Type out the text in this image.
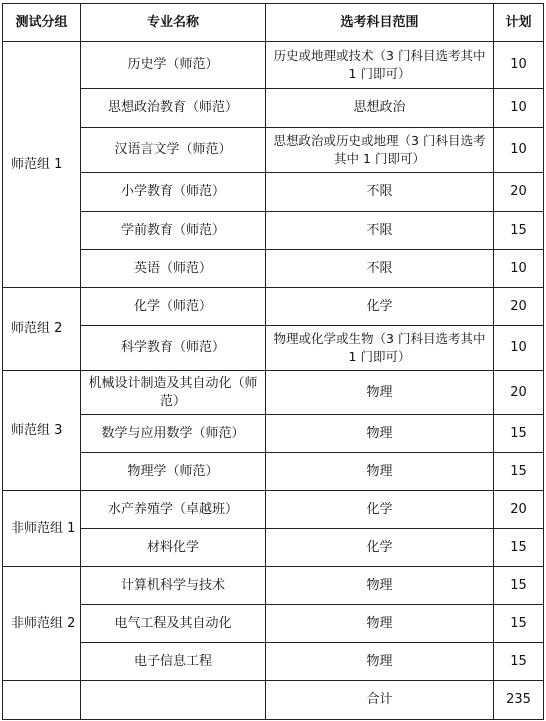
测试分组	专业名称	选考科目范围	计划
师范组 1	历史学（师范）	历史或地理或技术（3 门科目选考其中 1 门即可）	10
	思想政治教育（师范）	思想政治	10
	汉语言文学（师范）	思想政治或历史或地理（3 门科目选考其中 1 门即可）	10
	小学教育（师范）	不限	20
	学前教育（师范）	不限	15
	英语（师范）	不限	10
师范组 2	化学（师范）	化学	20
	科学教育（师范）	物理或化学或生物（3 门科目选考其中 1 门即可）	10
师范组 3	机械设计制造及其自动化（师范）	物理	20
	数学与应用数学（师范）	物理	15
	物理学（师范）	物理	15
非师范组 1	水产养殖学（卓越班）	化学	20
	材料化学	化学	15
非师范组 2	计算机科学与技术	物理	15
	电气工程及其自动化	物理	15
	电子信息工程	物理	15
		合计	235
